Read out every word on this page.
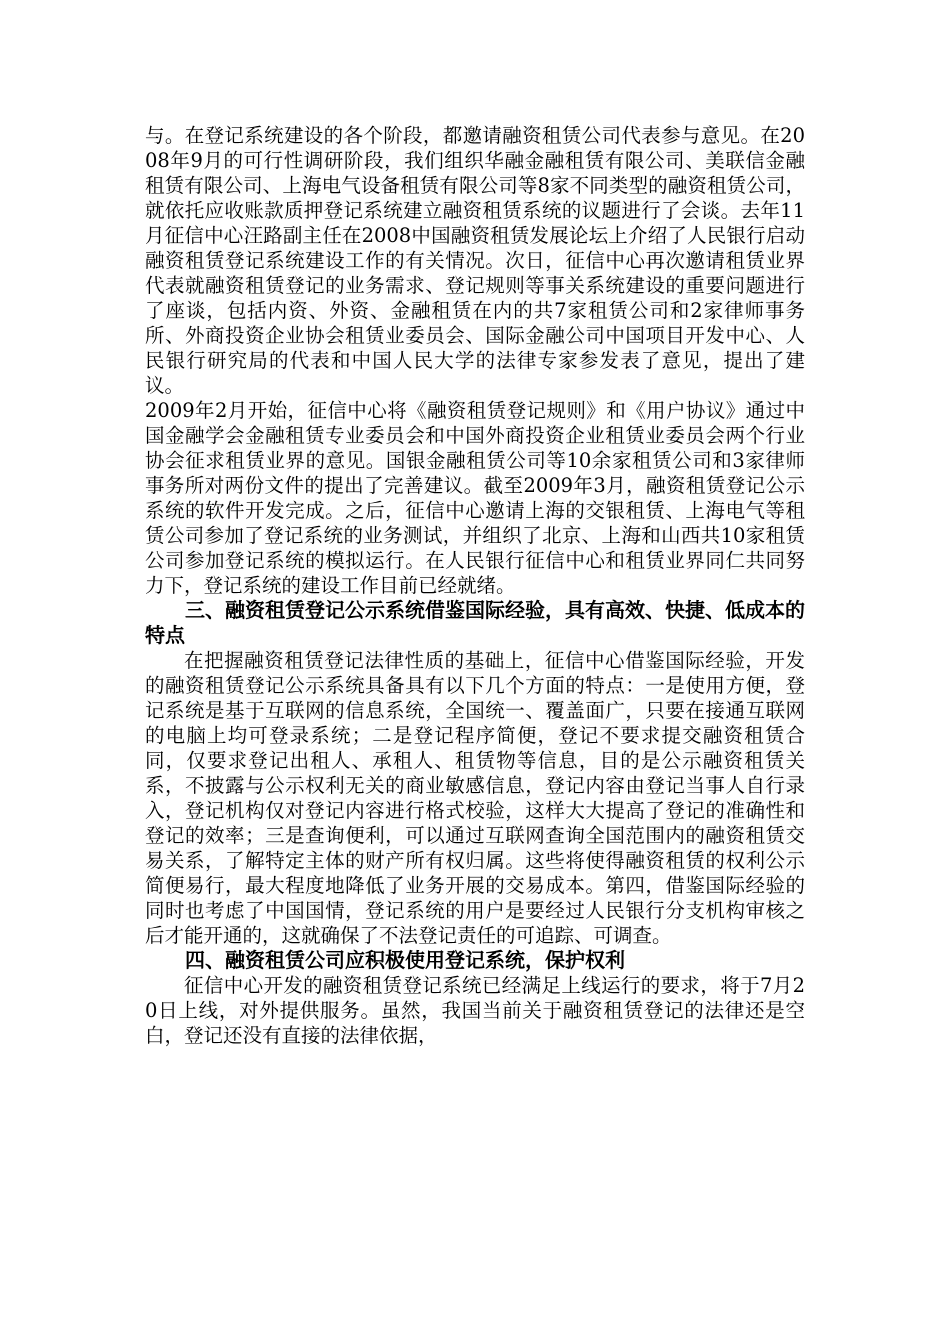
与。在登记系统建设的各个阶段，都邀请融资租赁公司代表参与意见。在2008年9月的可行性调研阶段，我们组织华融金融租赁有限公司、美联信金融租赁有限公司、上海电气设备租赁有限公司等8家不同类型的融资租赁公司，就依托应收账款质押登记系统建立融资租赁系统的议题进行了会谈。去年11月征信中心汪路副主任在2008中国融资租赁发展论坛上介绍了人民银行启动融资租赁登记系统建设工作的有关情况。次日，征信中心再次邀请租赁业界代表就融资租赁登记的业务需求、登记规则等事关系统建设的重要问题进行了座谈，包括内资、外资、金融租赁在内的共7家租赁公司和2家律师事务所、外商投资企业协会租赁业委员会、国际金融公司中国项目开发中心、人民银行研究局的代表和中国人民大学的法律专家参发表了意见，提出了建议。

2009年2月开始，征信中心将《融资租赁登记规则》和《用户协议》通过中国金融学会金融租赁专业委员会和中国外商投资企业租赁业委员会两个行业协会征求租赁业界的意见。国银金融租赁公司等10余家租赁公司和3家律师事务所对两份文件的提出了完善建议。截至2009年3月，融资租赁登记公示系统的软件开发完成。之后，征信中心邀请上海的交银租赁、上海电气等租赁公司参加了登记系统的业务测试，并组织了北京、上海和山西共10家租赁公司参加登记系统的模拟运行。在人民银行征信中心和租赁业界同仁共同努力下，登记系统的建设工作目前已经就绪。

三、融资租赁登记公示系统借鉴国际经验，具有高效、快捷、低成本的特点

在把握融资租赁登记法律性质的基础上，征信中心借鉴国际经验，开发的融资租赁登记公示系统具备具有以下几个方面的特点：一是使用方便，登记系统是基于互联网的信息系统，全国统一、覆盖面广，只要在接通互联网的电脑上均可登录系统；二是登记程序简便，登记不要求提交融资租赁合同，仅要求登记出租人、承租人、租赁物等信息，目的是公示融资租赁关系，不披露与公示权利无关的商业敏感信息，登记内容由登记当事人自行录入，登记机构仅对登记内容进行格式校验，这样大大提高了登记的准确性和登记的效率；三是查询便利，可以通过互联网查询全国范围内的融资租赁交易关系，了解特定主体的财产所有权归属。这些将使得融资租赁的权利公示简便易行，最大程度地降低了业务开展的交易成本。第四，借鉴国际经验的同时也考虑了中国国情，登记系统的用户是要经过人民银行分支机构审核之后才能开通的，这就确保了不法登记责任的可追踪、可调查。

四、融资租赁公司应积极使用登记系统，保护权利

征信中心开发的融资租赁登记系统已经满足上线运行的要求，将于7月20日上线，对外提供服务。虽然，我国当前关于融资租赁登记的法律还是空白，登记还没有直接的法律依据，
